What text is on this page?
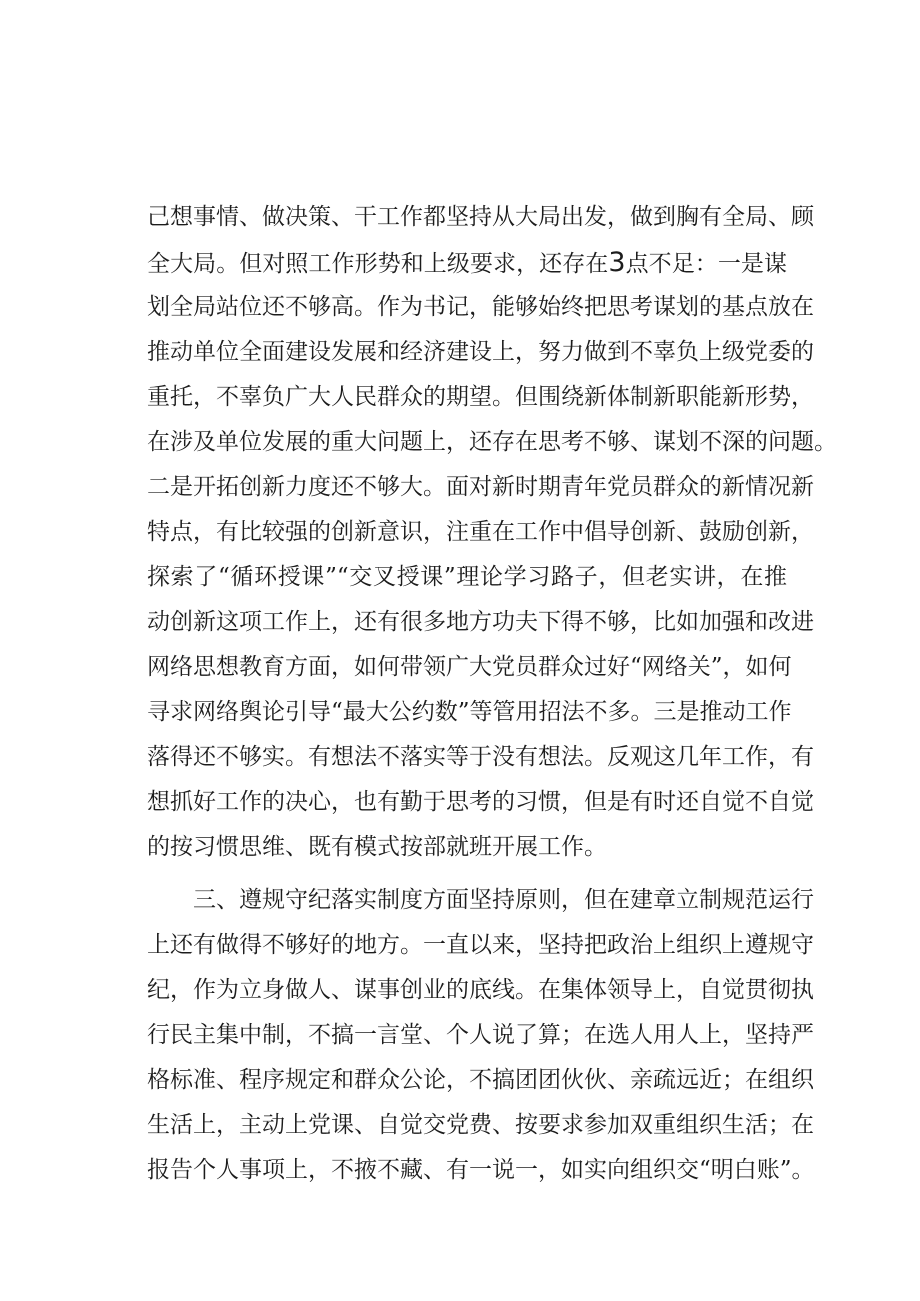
己想事情、做决策、干工作都坚持从大局出发，做到胸有全局、顾
全大局。但对照工作形势和上级要求，还存在3点不足：一是谋
划全局站位还不够高。作为书记，能够始终把思考谋划的基点放在
推动单位全面建设发展和经济建设上，努力做到不辜负上级党委的
重托，不辜负广大人民群众的期望。但围绕新体制新职能新形势，
在涉及单位发展的重大问题上，还存在思考不够、谋划不深的问题。
二是开拓创新力度还不够大。面对新时期青年党员群众的新情况新
特点，有比较强的创新意识，注重在工作中倡导创新、鼓励创新，
探索了“循环授课”“交叉授课”理论学习路子，但老实讲，在推
动创新这项工作上，还有很多地方功夫下得不够，比如加强和改进
网络思想教育方面，如何带领广大党员群众过好“网络关”，如何
寻求网络舆论引导“最大公约数”等管用招法不多。三是推动工作
落得还不够实。有想法不落实等于没有想法。反观这几年工作，有
想抓好工作的决心，也有勤于思考的习惯，但是有时还自觉不自觉
的按习惯思维、既有模式按部就班开展工作。
　　三、遵规守纪落实制度方面坚持原则，但在建章立制规范运行
上还有做得不够好的地方。一直以来，坚持把政治上组织上遵规守
纪，作为立身做人、谋事创业的底线。在集体领导上，自觉贯彻执
行民主集中制，不搞一言堂、个人说了算；在选人用人上，坚持严
格标准、程序规定和群众公论，不搞团团伙伙、亲疏远近；在组织
生活上，主动上党课、自觉交党费、按要求参加双重组织生活；在
报告个人事项上，不掖不藏、有一说一，如实向组织交“明白账”。
